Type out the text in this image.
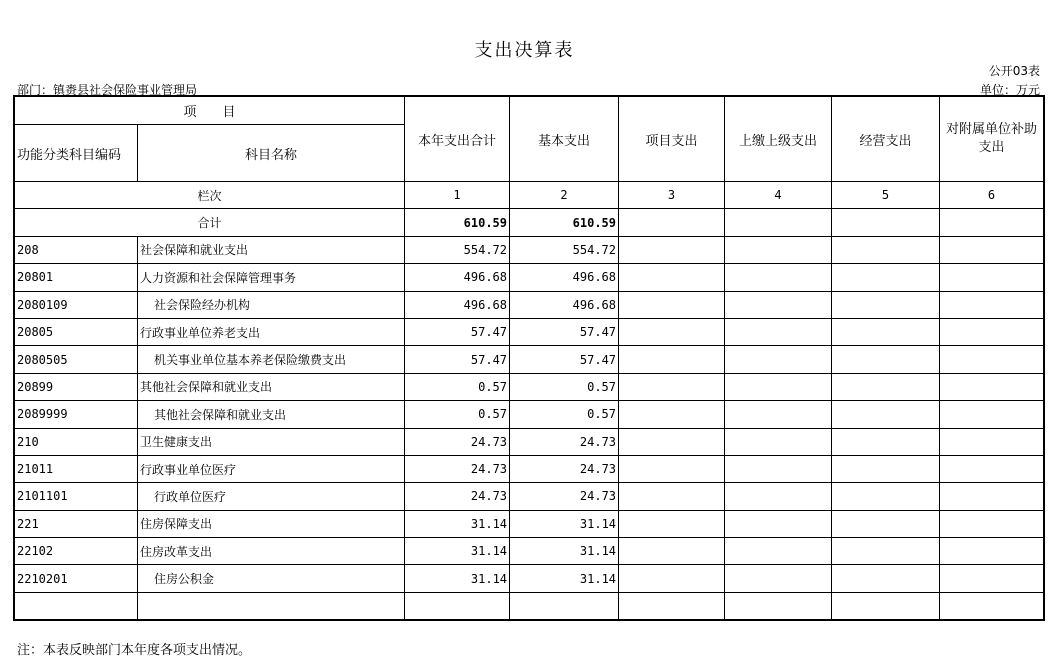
支出决算表
公开03表
部门：镇赉县社会保险事业管理局	单位：万元
项　　目		本年支出合计	基本支出	项目支出	上缴上级支出	经营支出	对附属单位补助支出
功能分类科目编码	科目名称						
栏次		1	2	3	4	5	6
合计		610.59	610.59				
208	社会保障和就业支出	554.72	554.72				
20801	人力资源和社会保障管理事务	496.68	496.68				
2080109	社会保险经办机构	496.68	496.68				
20805	行政事业单位养老支出	57.47	57.47				
2080505	机关事业单位基本养老保险缴费支出	57.47	57.47				
20899	其他社会保障和就业支出	0.57	0.57				
2089999	其他社会保障和就业支出	0.57	0.57				
210	卫生健康支出	24.73	24.73				
21011	行政事业单位医疗	24.73	24.73				
2101101	行政单位医疗	24.73	24.73				
221	住房保障支出	31.14	31.14				
22102	住房改革支出	31.14	31.14				
2210201	住房公积金	31.14	31.14				

注：本表反映部门本年度各项支出情况。
